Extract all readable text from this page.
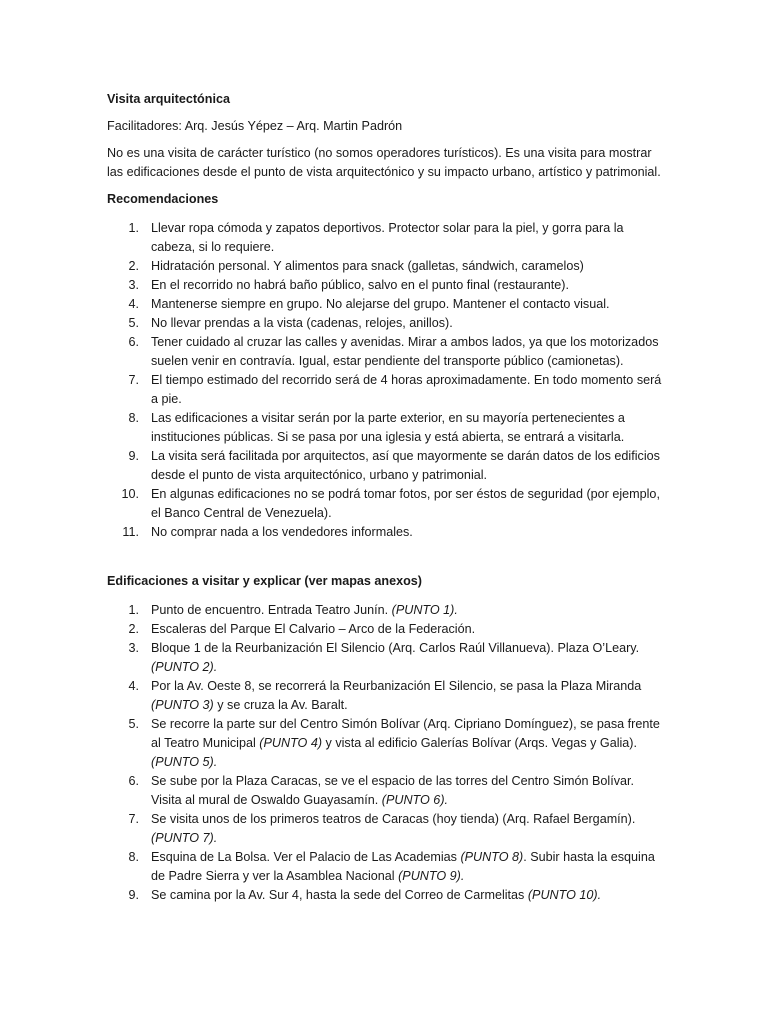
Visita arquitectónica

Facilitadores: Arq. Jesús Yépez – Arq. Martin Padrón

No es una visita de carácter turístico (no somos operadores turísticos). Es una visita para mostrar las edificaciones desde el punto de vista arquitectónico y su impacto urbano, artístico y patrimonial.

Recomendaciones

1. Llevar ropa cómoda y zapatos deportivos. Protector solar para la piel, y gorra para la cabeza, si lo requiere.
2. Hidratación personal. Y alimentos para snack (galletas, sándwich, caramelos)
3. En el recorrido no habrá baño público, salvo en el punto final (restaurante).
4. Mantenerse siempre en grupo. No alejarse del grupo. Mantener el contacto visual.
5. No llevar prendas a la vista (cadenas, relojes, anillos).
6. Tener cuidado al cruzar las calles y avenidas. Mirar a ambos lados, ya que los motorizados suelen venir en contravía. Igual, estar pendiente del transporte público (camionetas).
7. El tiempo estimado del recorrido será de 4 horas aproximadamente. En todo momento será a pie.
8. Las edificaciones a visitar serán por la parte exterior, en su mayoría pertenecientes a instituciones públicas. Si se pasa por una iglesia y está abierta, se entrará a visitarla.
9. La visita será facilitada por arquitectos, así que mayormente se darán datos de los edificios desde el punto de vista arquitectónico, urbano y patrimonial.
10. En algunas edificaciones no se podrá tomar fotos, por ser éstos de seguridad (por ejemplo, el Banco Central de Venezuela).
11. No comprar nada a los vendedores informales.

Edificaciones a visitar y explicar (ver mapas anexos)

1. Punto de encuentro. Entrada Teatro Junín. (PUNTO 1).
2. Escaleras del Parque El Calvario – Arco de la Federación.
3. Bloque 1 de la Reurbanización El Silencio (Arq. Carlos Raúl Villanueva). Plaza O’Leary. (PUNTO 2).
4. Por la Av. Oeste 8, se recorrerá la Reurbanización El Silencio, se pasa la Plaza Miranda (PUNTO 3) y se cruza la Av. Baralt.
5. Se recorre la parte sur del Centro Simón Bolívar (Arq. Cipriano Domínguez), se pasa frente al Teatro Municipal (PUNTO 4) y vista al edificio Galerías Bolívar (Arqs. Vegas y Galia). (PUNTO 5).
6. Se sube por la Plaza Caracas, se ve el espacio de las torres del Centro Simón Bolívar. Visita al mural de Oswaldo Guayasamín. (PUNTO 6).
7. Se visita unos de los primeros teatros de Caracas (hoy tienda) (Arq. Rafael Bergamín). (PUNTO 7).
8. Esquina de La Bolsa. Ver el Palacio de Las Academias (PUNTO 8). Subir hasta la esquina de Padre Sierra y ver la Asamblea Nacional (PUNTO 9).
9. Se camina por la Av. Sur 4, hasta la sede del Correo de Carmelitas (PUNTO 10).
